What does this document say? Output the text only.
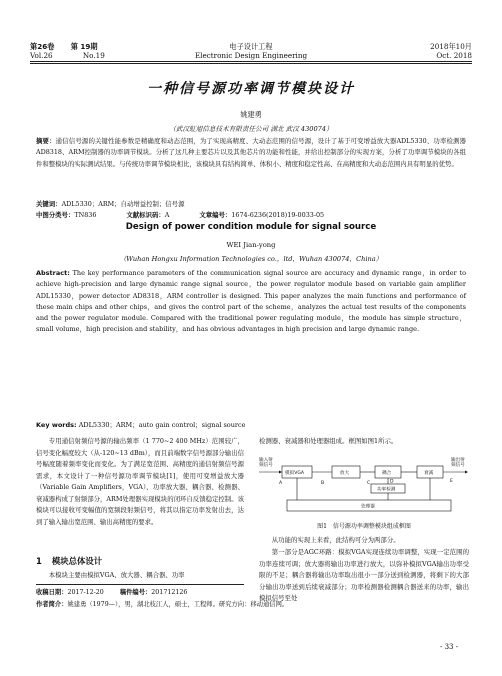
第26卷 第 19期
Vol.26	No.19
电子设计工程
Electronic Design Engineering
2018年10月
Oct. 2018
一种信号源功率调节模块设计
姚建勇
（武汉虹旭信息技术有限责任公司 湖北 武汉 430074）
摘要：通信信号源的关键性能参数是精确度和动态范围，为了实现高精度、大动态范围的信号源，设计了基于可变增益放大器ADL5330、功率检测器AD8318、ARM控制器的功率调节模块。分析了这几种主要芯片以及其他芯片的功能和性能，并给出控制部分的实现方案，分析了功率调节模块的各组件和整模块的实际测试结果。与传统功率调节模块相比，该模块具有结构简单、体积小、精度和稳定性高、在高精度和大动态范围内具有明显的优势。
关键词：ADL5330；ARM；自动增益控制；信号源
中图分类号：TN836	文献标识码：A	文章编号：1674-6236(2018)19-0033-05
Design of power condition module for signal source
WEI Jian-yong
（Wuhan Hongxu Information Technologies co.，ltd，Wuhan 430074，China）
Abstract: The key performance parameters of the communication signal source are accuracy and dynamic range，in order to achieve high-precision and large dynamic range signal source，the power regulator module based on variable gain amplifier ADL15330，power detector AD8318，ARM controller is designed. This paper analyzes the main functions and performance of these main chips and other chips，and gives the control part of the scheme，analyzes the actual test results of the components and the power regulator module. Compared with the traditional power regulating module，the module has simple structure，small volume，high precision and stability，and has obvious advantages in high precision and large dynamic range.
Key words: ADL5330；ARM；auto gain control；signal source
专用通信射频信号源的输出频率（1 770~2 400 MHz）范围较广，信号变化幅度较大（从-120~13 dBm），而且前端数字信号源部分输出信号幅度随着频率变化而变化。为了满足宽范围、高精度的通信射频信号源需求，本文设计了一种信号源功率调节模块[1]，使用可变增益放大器（Variable Gain Amplifiers，VGA）、功率放大器、耦合器、检测器、衰减器构成了射频部分，ARM处理器实现模块的闭环自反馈稳定控制。该模块可以接收可变幅值的宽频段射频信号，将其以指定功率发射出去，达到了输入输出宽范围、输出高精度的要求。
1 模块总体设计
本模块主要由模拟VGA、放大器、耦合器、功率
收稿日期：2017-12-20	稿件编号：201712126
作者简介：姚建勇（1979—），男，湖北枝江人，硕士，工程师。研究方向：移动通信网。
检测器、衰减器和处理器组成。框图如图1所示。
输入射
频信号
模拟VGA
A
放大
B
耦合
C
衰减
输出射
频信号
E
功率检测
D
处理器
图1　信号源功率调整模块组成框图
从功能的实现上来看，此结构可分为两部分。
第一部分是AGC环路：模拟VGA实现连续功率调整，实现一定范围的功率连续可调；放大器将输出功率进行放大，以弥补模拟VGA输出功率受限的不足；耦合器将输出功率取出很小一部分送到检测器，将剩下的大部分输出功率送到后续衰减部分；功率检测器检测耦合器送来的功率，输出模拟信号至处
- 33 -
